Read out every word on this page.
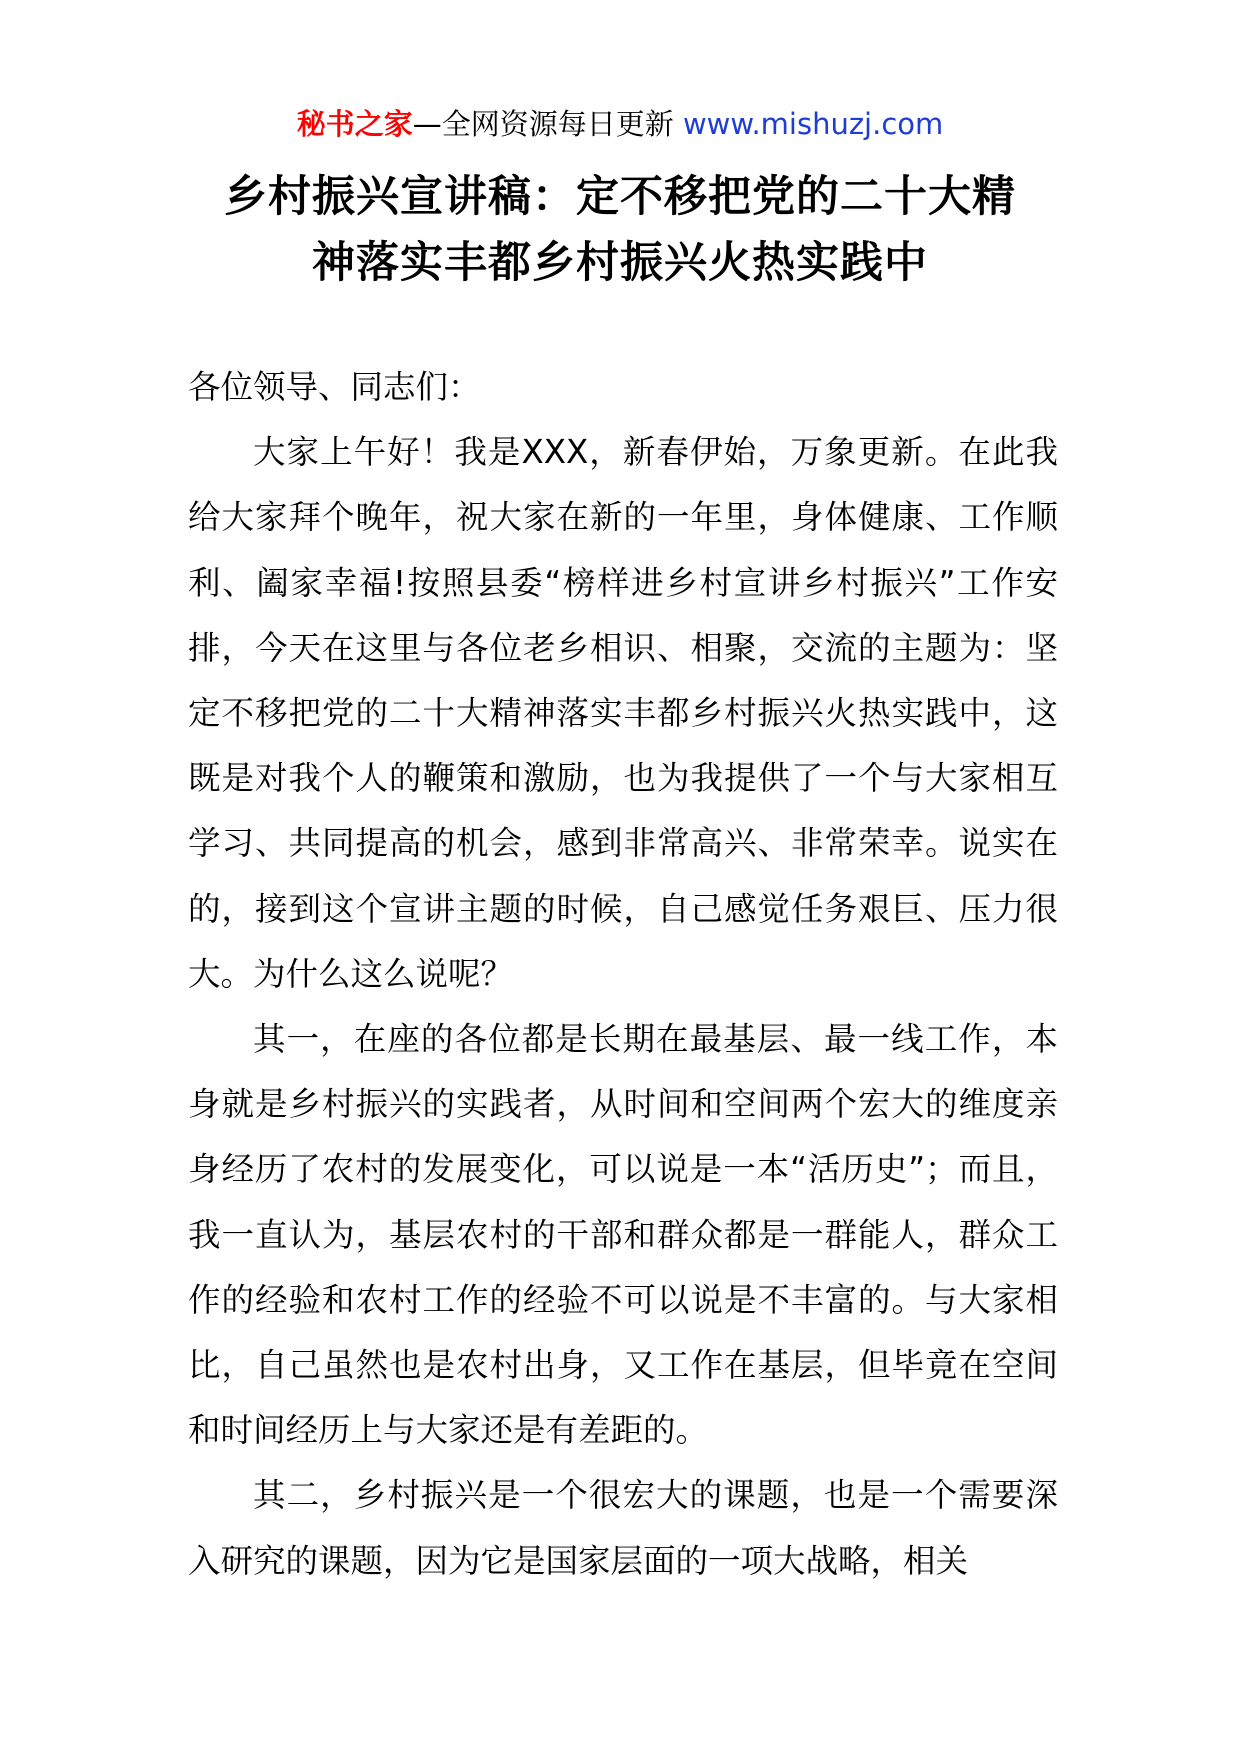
秘书之家—全网资源每日更新 www.mishuzj.com
乡村振兴宣讲稿：定不移把党的二十大精
神落实丰都乡村振兴火热实践中

各位领导、同志们：

大家上午好！我是XXX，新春伊始，万象更新。在此我给大家拜个晚年，祝大家在新的一年里，身体健康、工作顺利、阖家幸福!按照县委“榜样进乡村宣讲乡村振兴”工作安排，今天在这里与各位老乡相识、相聚，交流的主题为：坚定不移把党的二十大精神落实丰都乡村振兴火热实践中，这既是对我个人的鞭策和激励，也为我提供了一个与大家相互学习、共同提高的机会，感到非常高兴、非常荣幸。说实在的，接到这个宣讲主题的时候，自己感觉任务艰巨、压力很大。为什么这么说呢？

其一，在座的各位都是长期在最基层、最一线工作，本身就是乡村振兴的实践者，从时间和空间两个宏大的维度亲身经历了农村的发展变化，可以说是一本“活历史”；而且，我一直认为，基层农村的干部和群众都是一群能人，群众工作的经验和农村工作的经验不可以说是不丰富的。与大家相比，自己虽然也是农村出身，又工作在基层，但毕竟在空间和时间经历上与大家还是有差距的。

其二，乡村振兴是一个很宏大的课题，也是一个需要深入研究的课题，因为它是国家层面的一项大战略，相关
